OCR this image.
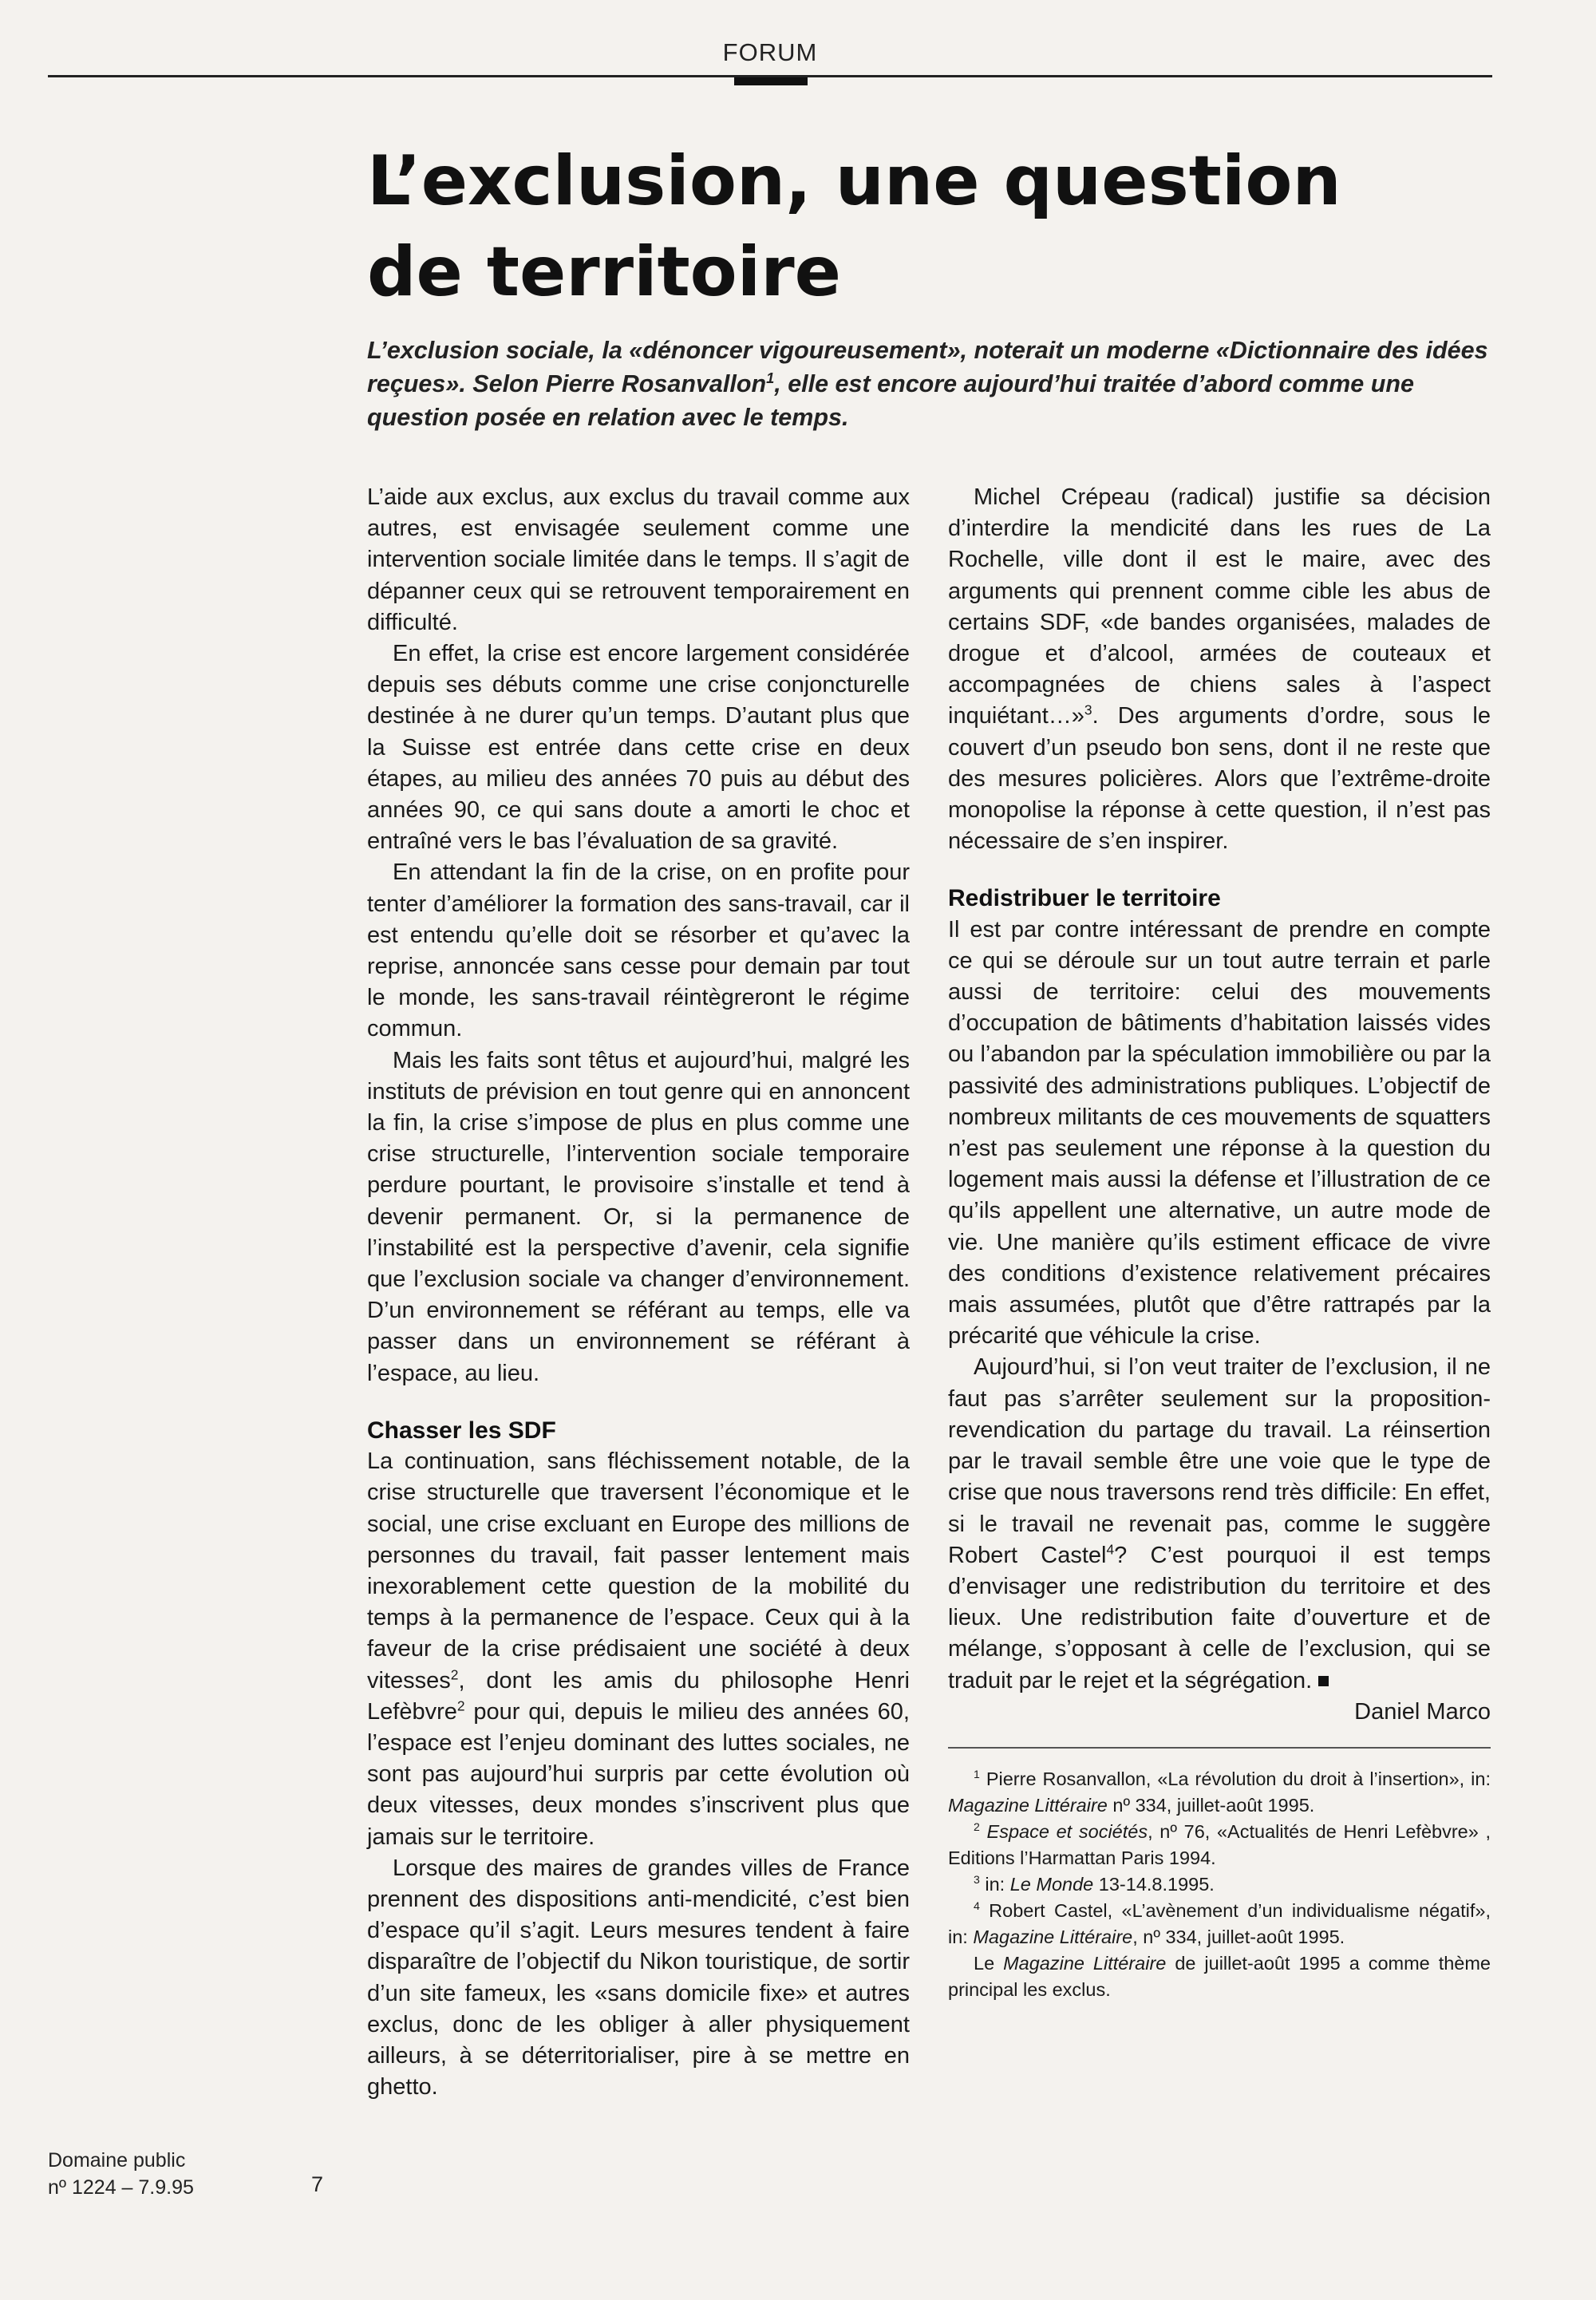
FORUM
L’exclusion, une question de territoire

L’exclusion sociale, la «dénoncer vigoureusement», noterait un moderne «Dictionnaire des idées reçues». Selon Pierre Rosanvallon$^1$, elle est encore aujourd’hui traitée d’abord comme une question posée en relation avec le temps.

L’aide aux exclus, aux exclus du travail comme aux autres, est envisagée seulement comme une intervention sociale limitée dans le temps. Il s’agit de dépanner ceux qui se retrouvent temporairement en difficulté.

En effet, la crise est encore largement considérée depuis ses débuts comme une crise conjoncturelle destinée à ne durer qu’un temps. D’autant plus que la Suisse est entrée dans cette crise en deux étapes, au milieu des années 70 puis au début des années 90, ce qui sans doute a amorti le choc et entraîné vers le bas l’évaluation de sa gravité.

En attendant la fin de la crise, on en profite pour tenter d’améliorer la formation des sans-travail, car il est entendu qu’elle doit se résorber et qu’avec la reprise, annoncée sans cesse pour demain par tout le monde, les sans-travail réintègreront le régime commun.

Mais les faits sont têtus et aujourd’hui, malgré les instituts de prévision en tout genre qui en annoncent la fin, la crise s’impose de plus en plus comme une crise structurelle, l’intervention sociale temporaire perdure pourtant, le provisoire s’installe et tend à devenir permanent. Or, si la permanence de l’instabilité est la perspective d’avenir, cela signifie que l’exclusion sociale va changer d’environnement. D’un environnement se référant au temps, elle va passer dans un environnement se référant à l’espace, au lieu.

Chasser les SDF

La continuation, sans fléchissement notable, de la crise structurelle que traversent l’économique et le social, une crise excluant en Europe des millions de personnes du travail, fait passer lentement mais inexorablement cette question de la mobilité du temps à la permanence de l’espace. Ceux qui à la faveur de la crise prédisaient une société à deux vitesses$^2$, dont les amis du philosophe Henri Lefèbvre$^2$ pour qui, depuis le milieu des années 60, l’espace est l’enjeu dominant des luttes sociales, ne sont pas aujourd’hui surpris par cette évolution où deux vitesses, deux mondes s’inscrivent plus que jamais sur le territoire.

Lorsque des maires de grandes villes de France prennent des dispositions anti-mendicité, c’est bien d’espace qu’il s’agit. Leurs mesures tendent à faire disparaître de l’objectif du Nikon touristique, de sortir d’un site fameux, les «sans domicile fixe» et autres exclus, donc de les obliger à aller physiquement ailleurs, à se déterritorialiser, pire à se mettre en ghetto.

Michel Crépeau (radical) justifie sa décision d’interdire la mendicité dans les rues de La Rochelle, ville dont il est le maire, avec des arguments qui prennent comme cible les abus de certains SDF, «de bandes organisées, malades de drogue et d’alcool, armées de couteaux et accompagnées de chiens sales à l’aspect inquiétant…»$^3$. Des arguments d’ordre, sous le couvert d’un pseudo bon sens, dont il ne reste que des mesures policières. Alors que l’extrême-droite monopolise la réponse à cette question, il n’est pas nécessaire de s’en inspirer.

Redistribuer le territoire

Il est par contre intéressant de prendre en compte ce qui se déroule sur un tout autre terrain et parle aussi de territoire: celui des mouvements d’occupation de bâtiments d’habitation laissés vides ou l’abandon par la spéculation immobilière ou par la passivité des administrations publiques. L’objectif de nombreux militants de ces mouvements de squatters n’est pas seulement une réponse à la question du logement mais aussi la défense et l’illustration de ce qu’ils appellent une alternative, un autre mode de vie. Une manière qu’ils estiment efficace de vivre des conditions d’existence relativement précaires mais assumées, plutôt que d’être rattrapés par la précarité que véhicule la crise.

Aujourd’hui, si l’on veut traiter de l’exclusion, il ne faut pas s’arrêter seulement sur la proposition-revendication du partage du travail. La réinsertion par le travail semble être une voie que le type de crise que nous traversons rend très difficile: En effet, si le travail ne revenait pas, comme le suggère Robert Castel$^4$? C’est pourquoi il est temps d’envisager une redistribution du territoire et des lieux. Une redistribution faite d’ouverture et de mélange, s’opposant à celle de l’exclusion, qui se traduit par le rejet et la ségrégation.

Daniel Marco

$^1$ Pierre Rosanvallon, «La révolution du droit à l’insertion», in: Magazine Littéraire nº 334, juillet-août 1995.

$^2$ Espace et sociétés, nº 76, «Actualités de Henri Lefèbvre» , Editions l’Harmattan Paris 1994.

$^3$ in: Le Monde 13-14.8.1995.

$^4$ Robert Castel, «L’avènement d’un individualisme négatif», in: Magazine Littéraire, nº 334, juillet-août 1995.

Le Magazine Littéraire de juillet-août 1995 a comme thème principal les exclus.

Domaine public
nº 1224 – 7.9.95	7
